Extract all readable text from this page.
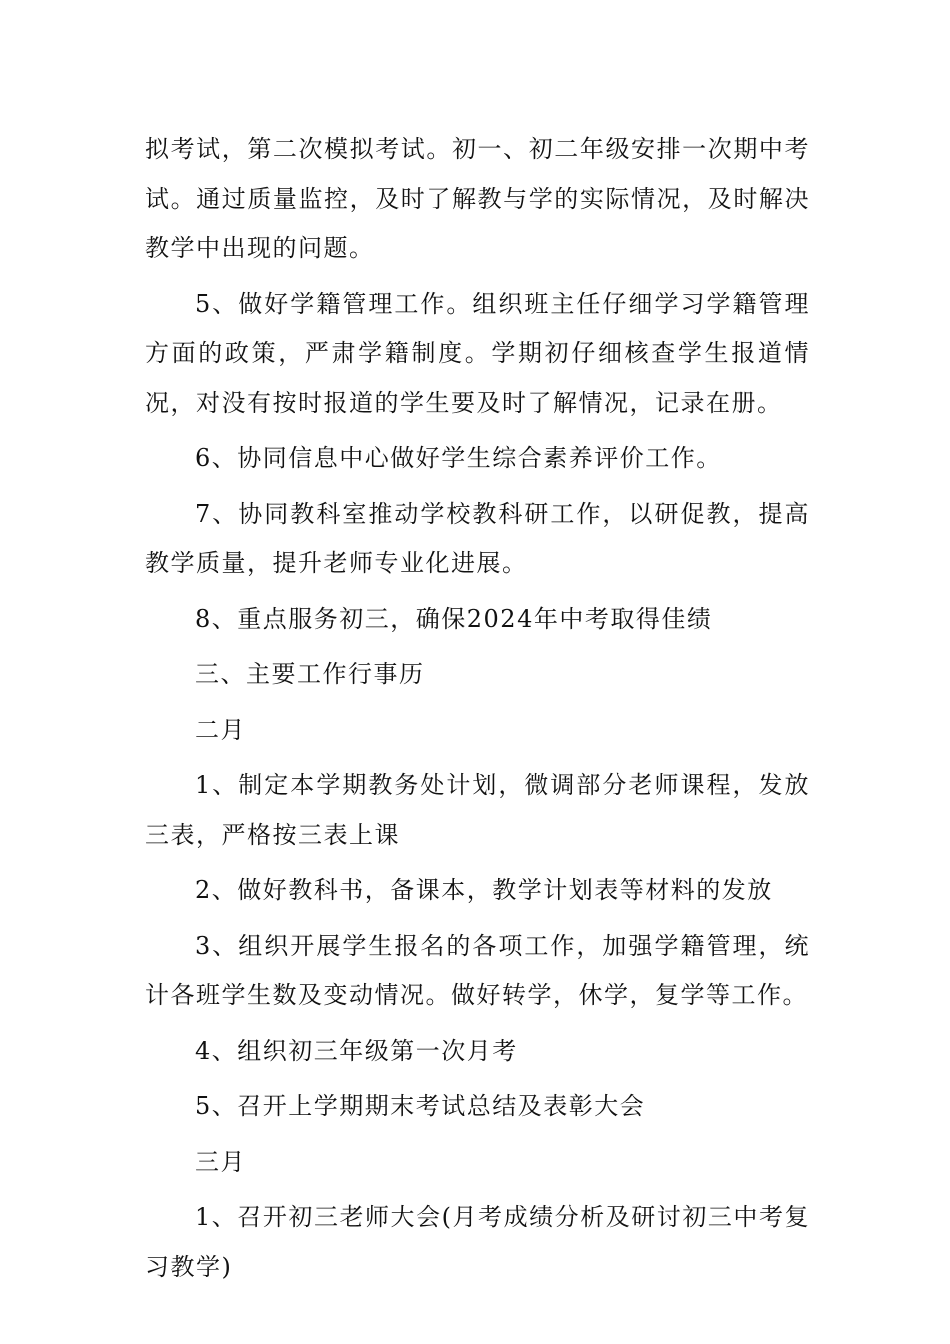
拟考试，第二次模拟考试。初一、初二年级安排一次期中考试。通过质量监控，及时了解教与学的实际情况，及时解决教学中出现的问题。

5、做好学籍管理工作。组织班主任仔细学习学籍管理方面的政策，严肃学籍制度。学期初仔细核查学生报道情况，对没有按时报道的学生要及时了解情况，记录在册。

6、协同信息中心做好学生综合素养评价工作。

7、协同教科室推动学校教科研工作，以研促教，提高教学质量，提升老师专业化进展。

8、重点服务初三，确保2024年中考取得佳绩

三、主要工作行事历

二月

1、制定本学期教务处计划，微调部分老师课程，发放三表，严格按三表上课

2、做好教科书，备课本，教学计划表等材料的发放

3、组织开展学生报名的各项工作，加强学籍管理，统计各班学生数及变动情况。做好转学，休学，复学等工作。

4、组织初三年级第一次月考

5、召开上学期期末考试总结及表彰大会

三月

1、召开初三老师大会(月考成绩分析及研讨初三中考复习教学)
